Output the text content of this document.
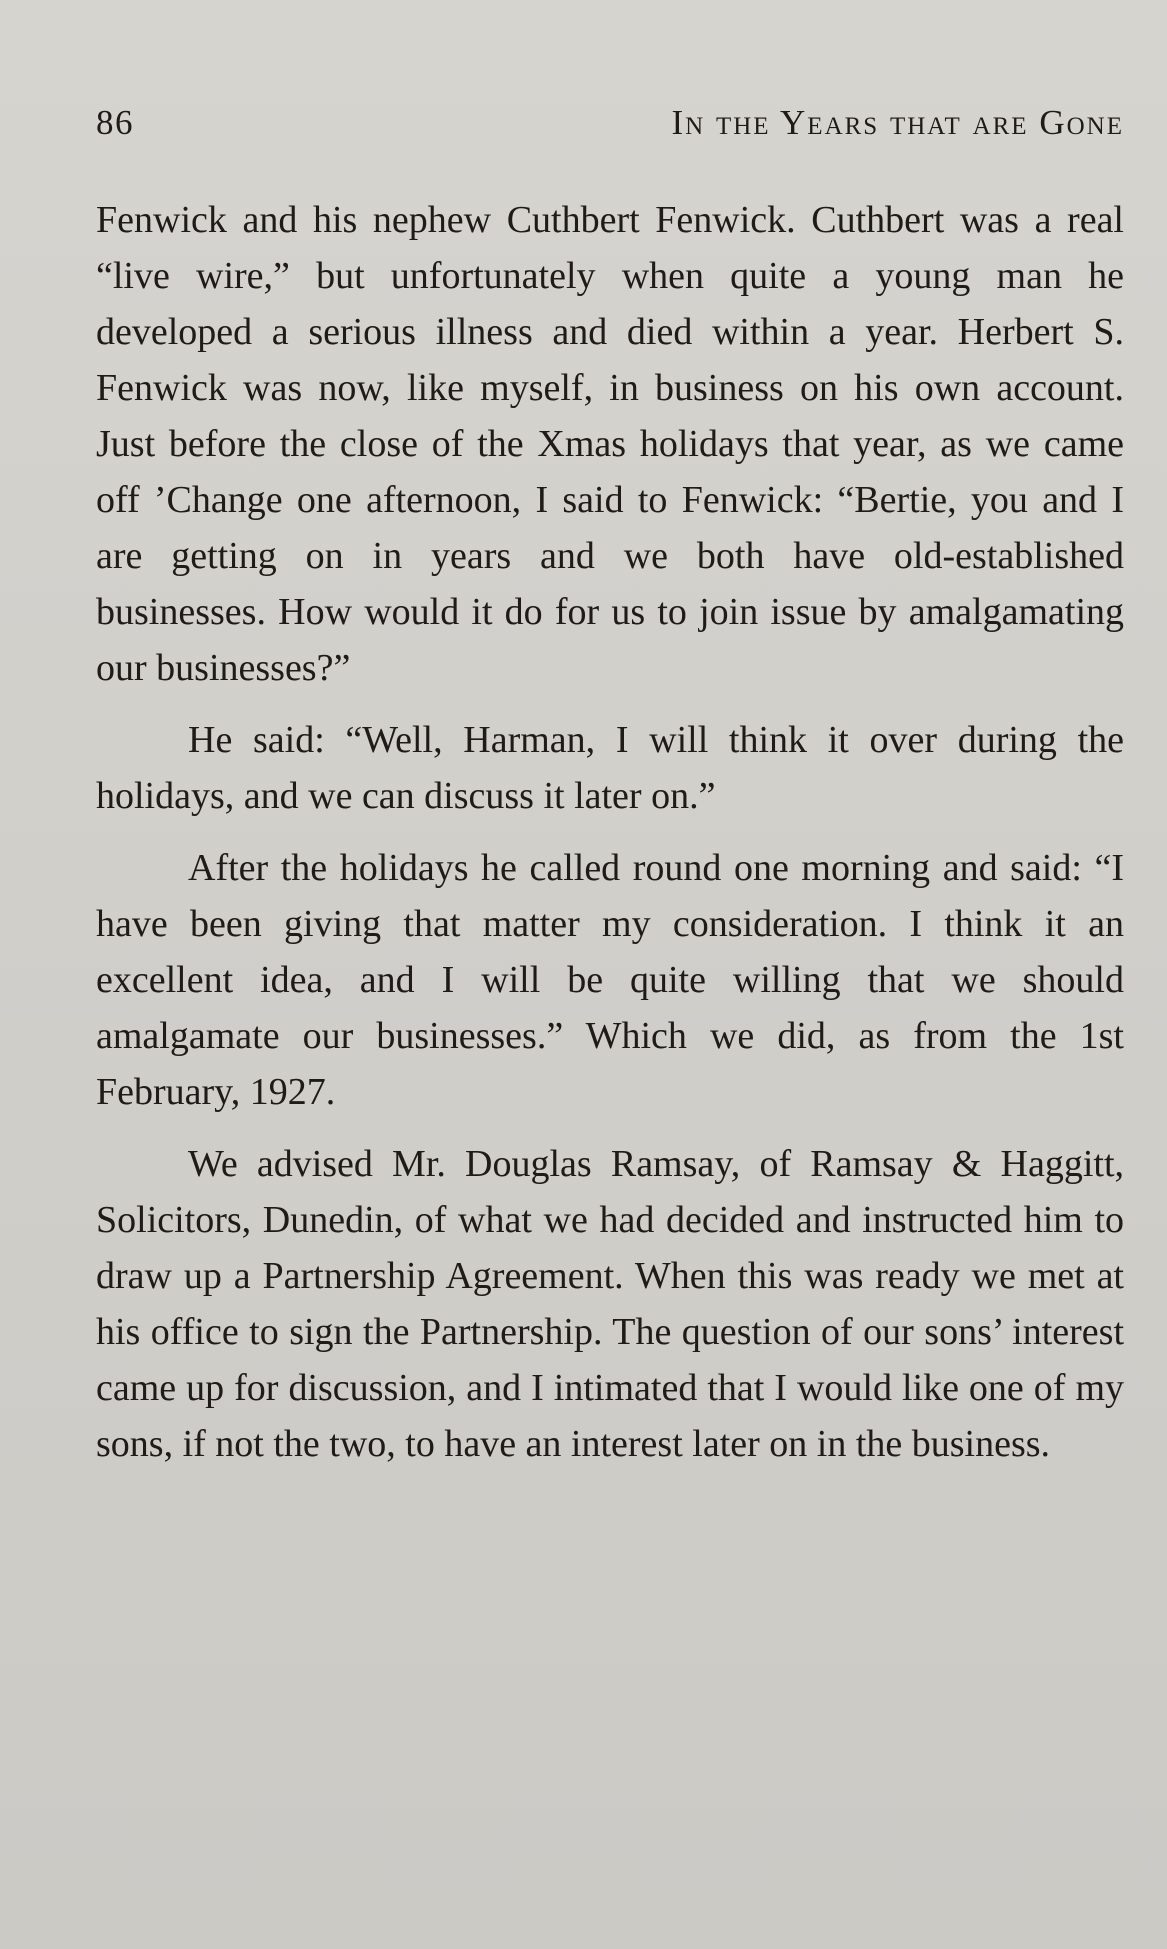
86	In the Years that are Gone

Fenwick and his nephew Cuthbert Fenwick. Cuthbert was a real “live wire,” but unfortunately when quite a young man he developed a serious illness and died within a year. Herbert S. Fenwick was now, like myself, in business on his own account. Just before the close of the Xmas holidays that year, as we came off ’Change one afternoon, I said to Fenwick: “Bertie, you and I are getting on in years and we both have old-established businesses. How would it do for us to join issue by amalgamating our businesses?”

He said: “Well, Harman, I will think it over during the holidays, and we can discuss it later on.”

After the holidays he called round one morning and said: “I have been giving that matter my consideration. I think it an excellent idea, and I will be quite willing that we should amalgamate our businesses.” Which we did, as from the 1st February, 1927.

We advised Mr. Douglas Ramsay, of Ramsay & Haggitt, Solicitors, Dunedin, of what we had decided and instructed him to draw up a Partnership Agreement. When this was ready we met at his office to sign the Partnership. The question of our sons’ interest came up for discussion, and I intimated that I would like one of my sons, if not the two, to have an interest later on in the business.
